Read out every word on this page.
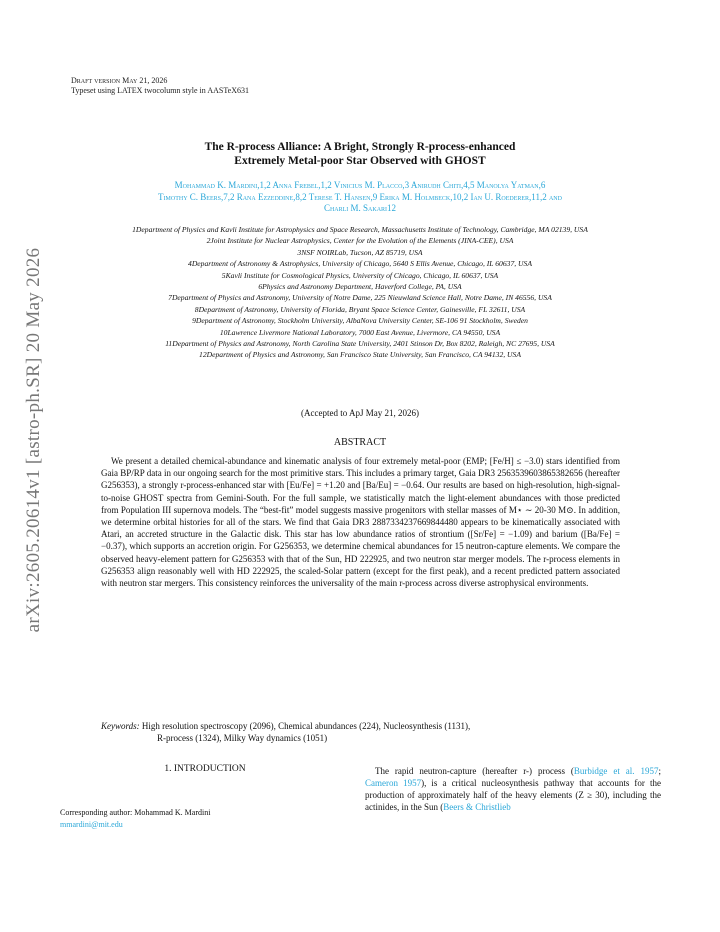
arXiv:2605.20614v1 [astro-ph.SR] 20 May 2026
Draft version May 21, 2026
Typeset using LATEX twocolumn style in AASTeX631
The R-process Alliance: A Bright, Strongly R-process-enhanced
Extremely Metal-poor Star Observed with GHOST
Mohammad K. Mardini,1,2 Anna Frebel,1,2 Vinicius M. Placco,3 Anirudh Chiti,4,5 Manolya Yatman,6
Timothy C. Beers,7,2 Rana Ezzeddine,8,2 Terese T. Hansen,9 Erika M. Holmbeck,10,2 Ian U. Roederer,11,2 and
Charli M. Sakari12
1Department of Physics and Kavli Institute for Astrophysics and Space Research, Massachusetts Institute of Technology, Cambridge, MA 02139, USA
2Joint Institute for Nuclear Astrophysics, Center for the Evolution of the Elements (JINA-CEE), USA
3NSF NOIRLab, Tucson, AZ 85719, USA
4Department of Astronomy & Astrophysics, University of Chicago, 5640 S Ellis Avenue, Chicago, IL 60637, USA
5Kavli Institute for Cosmological Physics, University of Chicago, Chicago, IL 60637, USA
6Physics and Astronomy Department, Haverford College, PA, USA
7Department of Physics and Astronomy, University of Notre Dame, 225 Nieuwland Science Hall, Notre Dame, IN 46556, USA
8Department of Astronomy, University of Florida, Bryant Space Science Center, Gainesville, FL 32611, USA
9Department of Astronomy, Stockholm University, AlbaNova University Center, SE-106 91 Stockholm, Sweden
10Lawrence Livermore National Laboratory, 7000 East Avenue, Livermore, CA 94550, USA
11Department of Physics and Astronomy, North Carolina State University, 2401 Stinson Dr, Box 8202, Raleigh, NC 27695, USA
12Department of Physics and Astronomy, San Francisco State University, San Francisco, CA 94132, USA
(Accepted to ApJ May 21, 2026)
ABSTRACT
We present a detailed chemical-abundance and kinematic analysis of four extremely metal-poor (EMP; [Fe/H] ≤ −3.0) stars identified from Gaia BP/RP data in our ongoing search for the most primitive stars. This includes a primary target, Gaia DR3 2563539603865382656 (hereafter G256353), a strongly r-process-enhanced star with [Eu/Fe] = +1.20 and [Ba/Eu] = −0.64. Our results are based on high-resolution, high-signal-to-noise GHOST spectra from Gemini-South. For the full sample, we statistically match the light-element abundances with those predicted from Population III supernova models. The “best-fit” model suggests massive progenitors with stellar masses of M⋆ ∼ 20-30 M⊙. In addition, we determine orbital histories for all of the stars. We find that Gaia DR3 2887334237669844480 appears to be kinematically associated with Atari, an accreted structure in the Galactic disk. This star has low abundance ratios of strontium ([Sr/Fe] = −1.09) and barium ([Ba/Fe] = −0.37), which supports an accretion origin. For G256353, we determine chemical abundances for 15 neutron-capture elements. We compare the observed heavy-element pattern for G256353 with that of the Sun, HD 222925, and two neutron star merger models. The r-process elements in G256353 align reasonably well with HD 222925, the scaled-Solar pattern (except for the first peak), and a recent predicted pattern associated with neutron star mergers. This consistency reinforces the universality of the main r-process across diverse astrophysical environments.

Keywords: High resolution spectroscopy (2096), Chemical abundances (224), Nucleosynthesis (1131),

R-process (1324), Milky Way dynamics (1051)

1. INTRODUCTION
Corresponding author: Mohammad K. Mardini
mmardini@mit.edu
The rapid neutron-capture (hereafter r-) process (Burbidge et al. 1957; Cameron 1957), is a critical nucleosynthesis pathway that accounts for the production of approximately half of the heavy elements (Z ≥ 30), including the actinides, in the Sun (Beers & Christlieb
